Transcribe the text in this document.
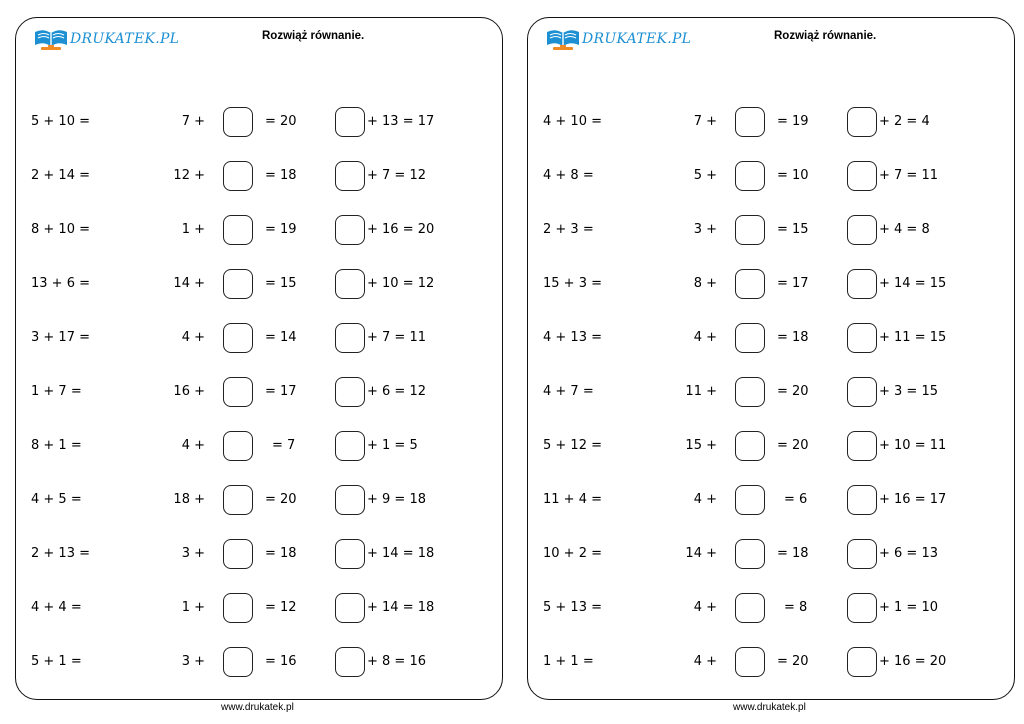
DRUKATEK.PL	Rozwiąż równanie.
5 + 10 =	7 +	= 20	+ 13 = 17
2 + 14 =	12 +	= 18	+ 7 = 12
8 + 10 =	1 +	= 19	+ 16 = 20
13 + 6 =	14 +	= 15	+ 10 = 12
3 + 17 =	4 +	= 14	+ 7 = 11
1 + 7 =	16 +	= 17	+ 6 = 12
8 + 1 =	4 +	= 7	+ 1 = 5
4 + 5 =	18 +	= 20	+ 9 = 18
2 + 13 =	3 +	= 18	+ 14 = 18
4 + 4 =	1 +	= 12	+ 14 = 18
5 + 1 =	3 +	= 16	+ 8 = 16
www.drukatek.pl
DRUKATEK.PL	Rozwiąż równanie.
4 + 10 =	7 +	= 19	+ 2 = 4
4 + 8 =	5 +	= 10	+ 7 = 11
2 + 3 =	3 +	= 15	+ 4 = 8
15 + 3 =	8 +	= 17	+ 14 = 15
4 + 13 =	4 +	= 18	+ 11 = 15
4 + 7 =	11 +	= 20	+ 3 = 15
5 + 12 =	15 +	= 20	+ 10 = 11
11 + 4 =	4 +	= 6	+ 16 = 17
10 + 2 =	14 +	= 18	+ 6 = 13
5 + 13 =	4 +	= 8	+ 1 = 10
1 + 1 =	4 +	= 20	+ 16 = 20
www.drukatek.pl
